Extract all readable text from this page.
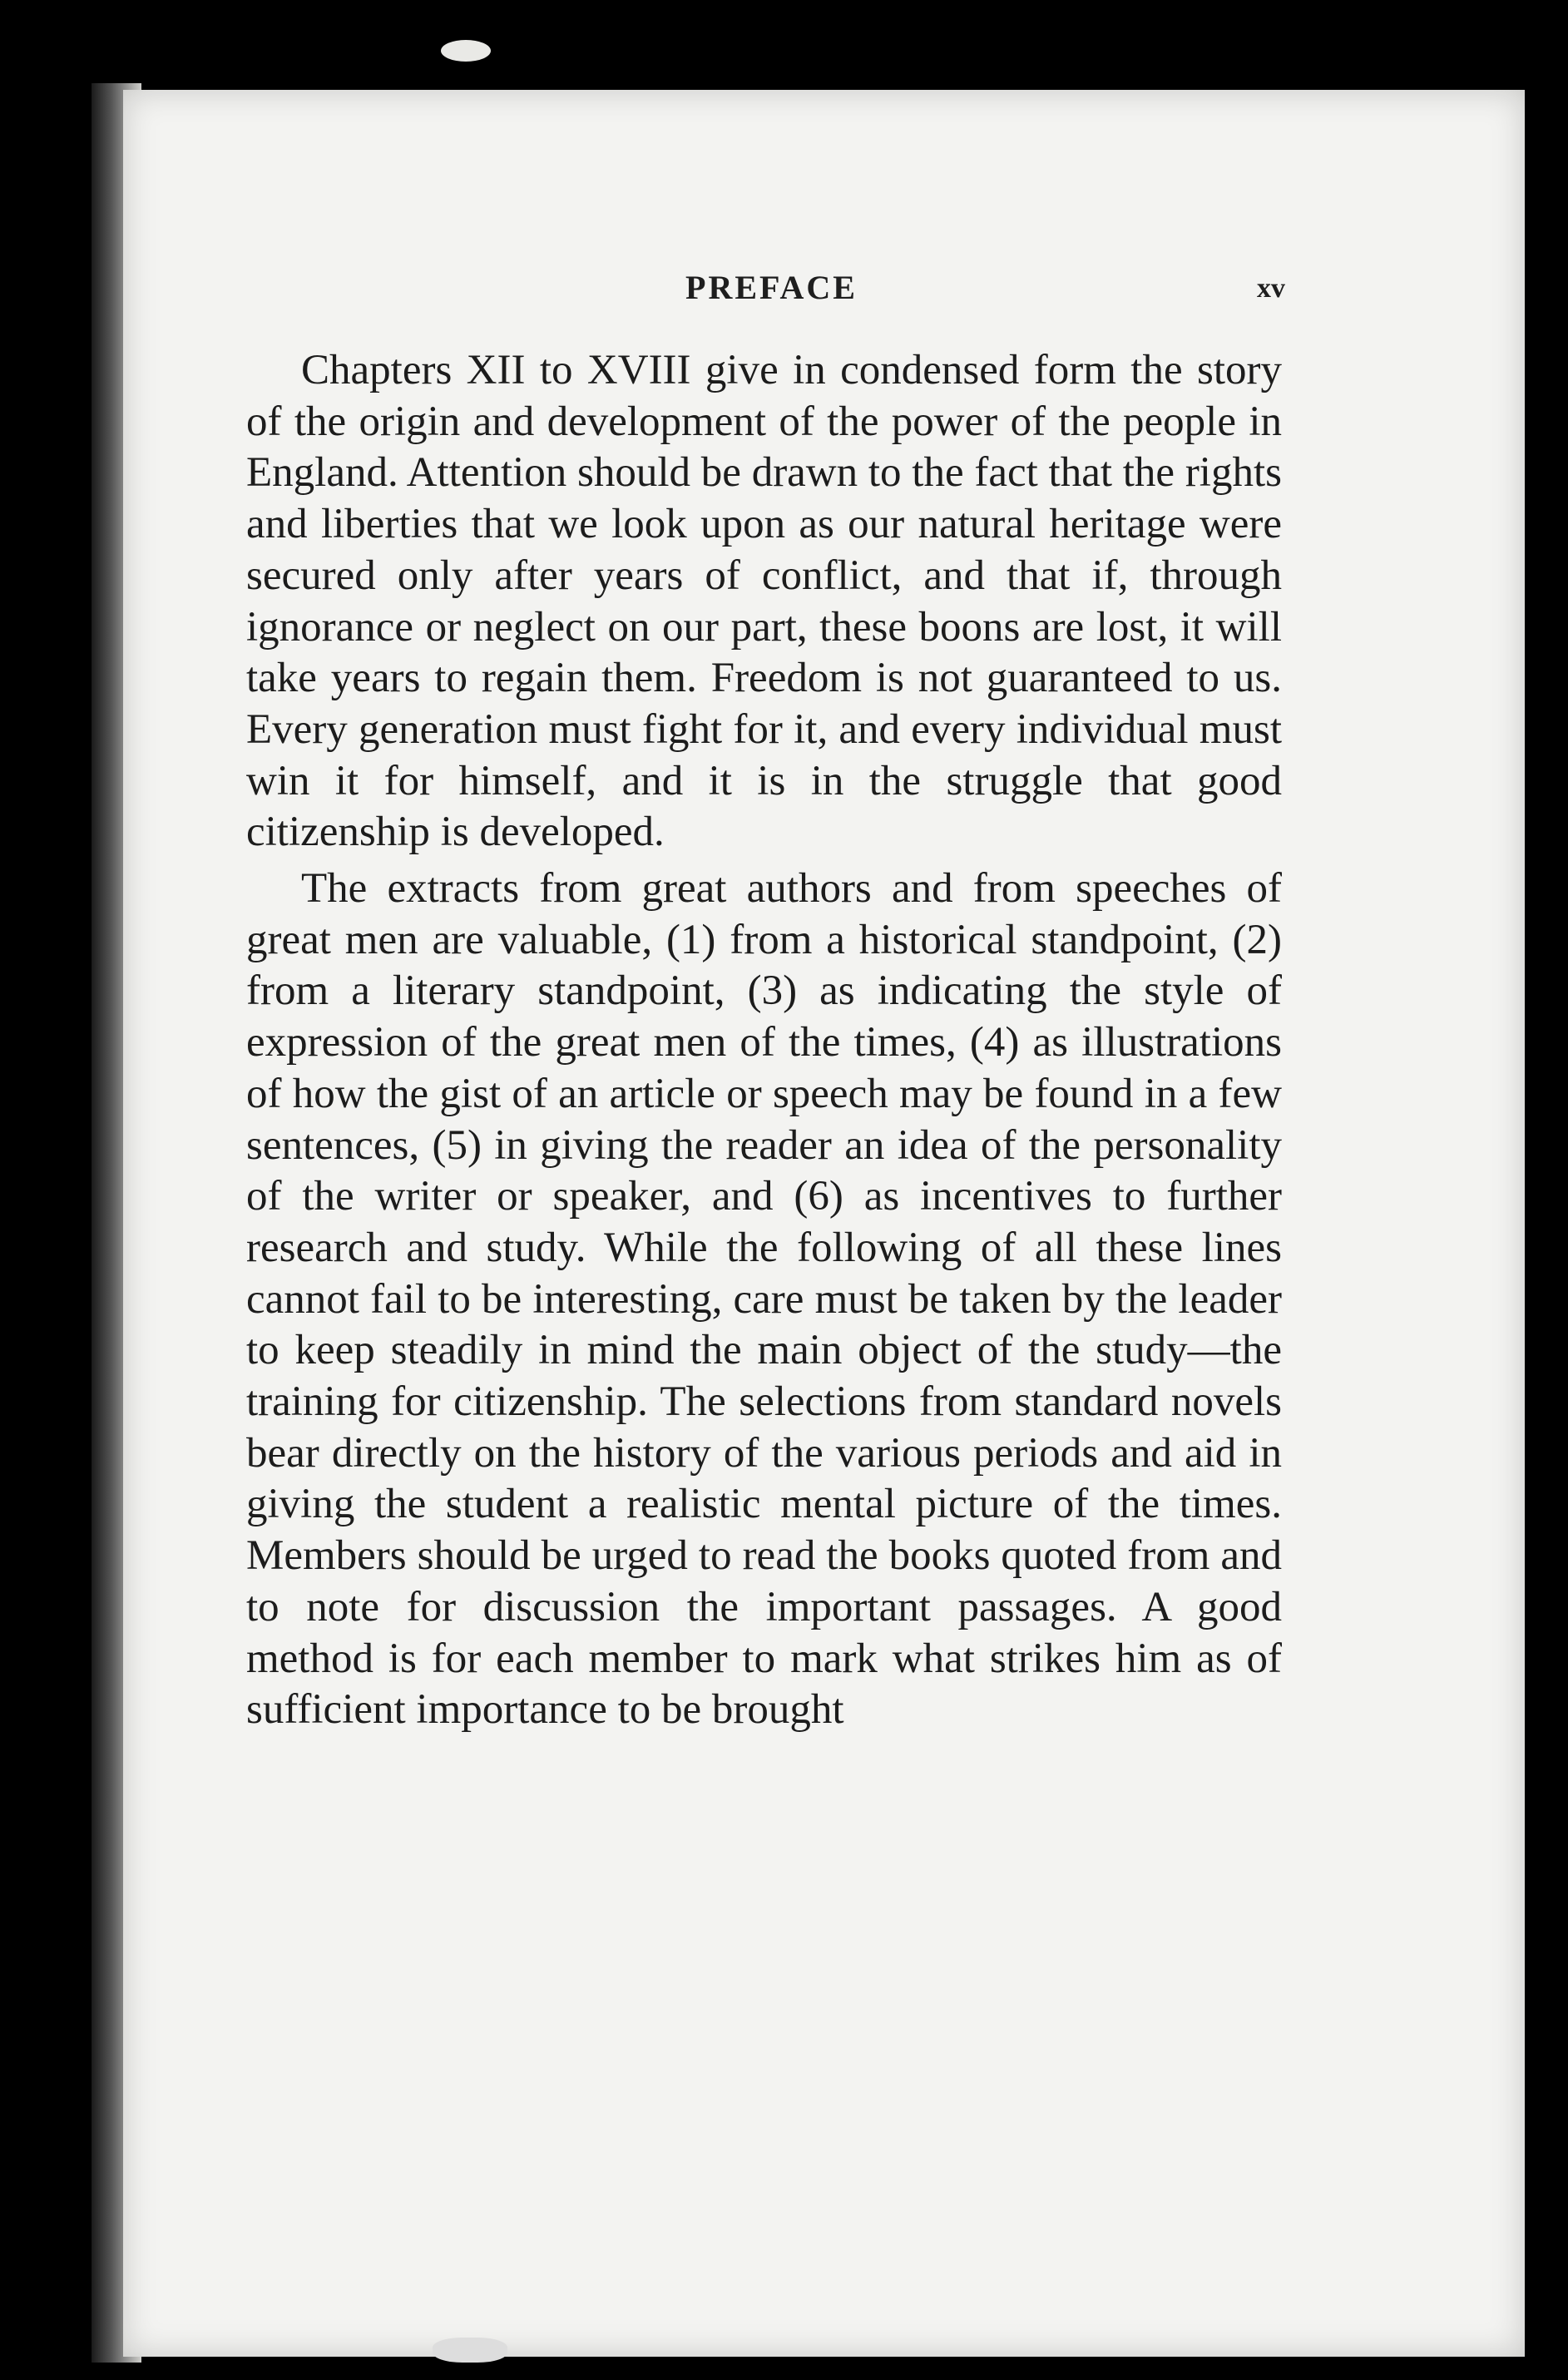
PREFACE	xv

Chapters XII to XVIII give in condensed form the story of the origin and development of the power of the people in England. Attention should be drawn to the fact that the rights and liberties that we look upon as our natural heritage were secured only after years of conflict, and that if, through ignorance or neglect on our part, these boons are lost, it will take years to regain them. Freedom is not guaranteed to us. Every generation must fight for it, and every individual must win it for himself, and it is in the struggle that good citizenship is developed.

The extracts from great authors and from speeches of great men are valuable, (1) from a historical standpoint, (2) from a literary standpoint, (3) as indicating the style of expression of the great men of the times, (4) as illustrations of how the gist of an article or speech may be found in a few sentences, (5) in giving the reader an idea of the personality of the writer or speaker, and (6) as incentives to further research and study. While the following of all these lines cannot fail to be interesting, care must be taken by the leader to keep steadily in mind the main object of the study—the training for citizenship. The selections from standard novels bear directly on the history of the various periods and aid in giving the student a realistic mental picture of the times. Members should be urged to read the books quoted from and to note for discussion the important passages. A good method is for each member to mark what strikes him as of sufficient importance to be brought
